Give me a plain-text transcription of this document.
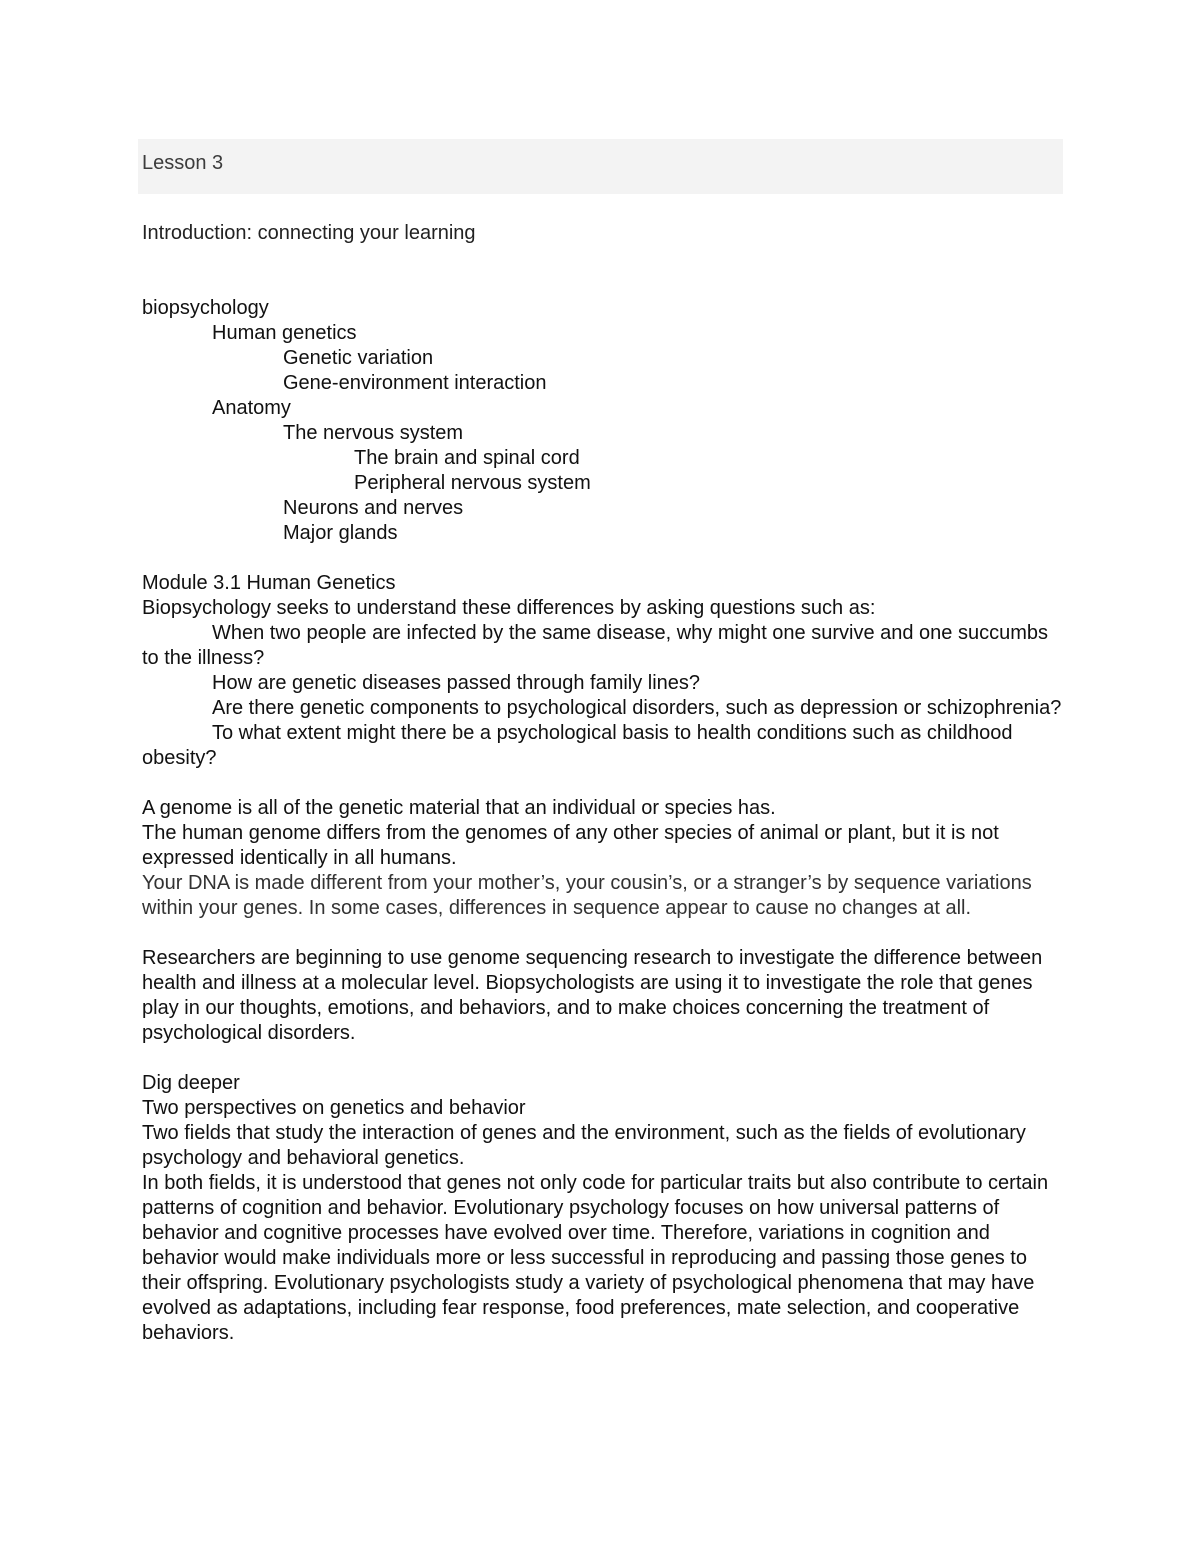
Lesson 3
Introduction: connecting your learning

biopsychology

Human genetics

Genetic variation

Gene-environment interaction

Anatomy

The nervous system

The brain and spinal cord

Peripheral nervous system

Neurons and nerves

Major glands

Module 3.1 Human Genetics

Biopsychology seeks to understand these differences by asking questions such as:

When two people are infected by the same disease, why might one survive and one succumbs to the illness?

How are genetic diseases passed through family lines?

Are there genetic components to psychological disorders, such as depression or schizophrenia?

To what extent might there be a psychological basis to health conditions such as childhood obesity?

A genome is all of the genetic material that an individual or species has.

The human genome differs from the genomes of any other species of animal or plant, but it is not expressed identically in all humans.

Your DNA is made different from your mother’s, your cousin’s, or a stranger’s by sequence variations within your genes. In some cases, differences in sequence appear to cause no changes at all.

Researchers are beginning to use genome sequencing research to investigate the difference between health and illness at a molecular level. Biopsychologists are using it to investigate the role that genes play in our thoughts, emotions, and behaviors, and to make choices concerning the treatment of psychological disorders.

Dig deeper

Two perspectives on genetics and behavior

Two fields that study the interaction of genes and the environment, such as the fields of evolutionary psychology and behavioral genetics.

In both fields, it is understood that genes not only code for particular traits but also contribute to certain patterns of cognition and behavior. Evolutionary psychology focuses on how universal patterns of behavior and cognitive processes have evolved over time. Therefore, variations in cognition and behavior would make individuals more or less successful in reproducing and passing those genes to their offspring. Evolutionary psychologists study a variety of psychological phenomena that may have evolved as adaptations, including fear response, food preferences, mate selection, and cooperative behaviors.
